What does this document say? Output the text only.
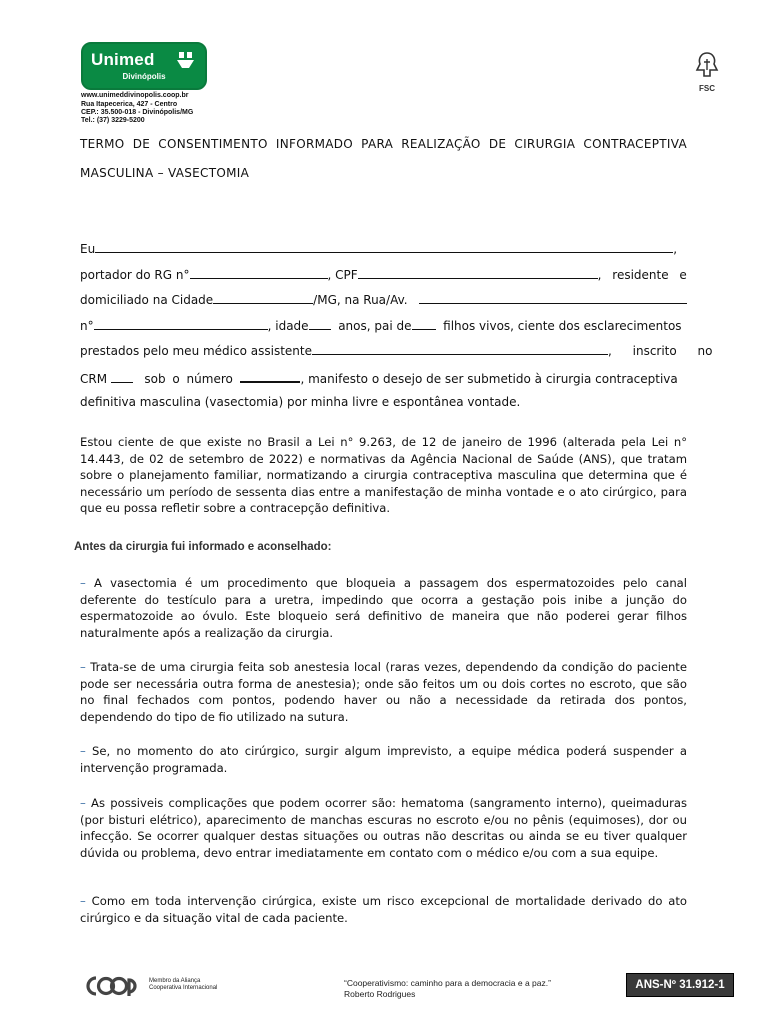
Unimed
Divinópolis
www.unimeddivinopolis.coop.br
Rua Itapecerica, 427 - Centro
CEP.: 35.500-018 - Divinópolis/MG
Tel.: (37) 3229-5200
FSC
TERMO DE CONSENTIMENTO INFORMADO PARA REALIZAÇÃO DE CIRURGIA CONTRACEPTIVA
MASCULINA – VASECTOMIA
Eu	,
portador do RG n°	, CPF	, residente e
domiciliado na Cidade	/MG, na Rua/Av.
n°	, idade anos, pai de	filhos vivos, ciente dos esclarecimentos
prestados pelo meu médico assistente	, inscrito no
CRM	sob o número	, manifesto o desejo de ser submetido à cirurgia contraceptiva
definitiva masculina (vasectomia) por minha livre e espontânea vontade.
Estou ciente de que existe no Brasil a Lei n° 9.263, de 12 de janeiro de 1996 (alterada pela Lei n° 14.443, de 02 de setembro de 2022) e normativas da Agência Nacional de Saúde (ANS), que tratam sobre o planejamento familiar, normatizando a cirurgia contraceptiva masculina que determina que é necessário um período de sessenta dias entre a manifestação de minha vontade e o ato cirúrgico, para que eu possa refletir sobre a contracepção definitiva.
Antes da cirurgia fui informado e aconselhado:
– A vasectomia é um procedimento que bloqueia a passagem dos espermatozoides pelo canal deferente do testículo para a uretra, impedindo que ocorra a gestação pois inibe a junção do espermatozoide ao óvulo. Este bloqueio será definitivo de maneira que não poderei gerar filhos naturalmente após a realização da cirurgia.
– Trata-se de uma cirurgia feita sob anestesia local (raras vezes, dependendo da condição do paciente pode ser necessária outra forma de anestesia); onde são feitos um ou dois cortes no escroto, que são no final fechados com pontos, podendo haver ou não a necessidade da retirada dos pontos, dependendo do tipo de fio utilizado na sutura.
– Se, no momento do ato cirúrgico, surgir algum imprevisto, a equipe médica poderá suspender a intervenção programada.
– As possiveis complicações que podem ocorrer são: hematoma (sangramento interno), queimaduras (por bisturi elétrico), aparecimento de manchas escuras no escroto e/ou no pênis (equimoses), dor ou infecção. Se ocorrer qualquer destas situações ou outras não descritas ou ainda se eu tiver qualquer dúvida ou problema, devo entrar imediatamente em contato com o médico e/ou com a sua equipe.
– Como em toda intervenção cirúrgica, existe um risco excepcional de mortalidade derivado do ato cirúrgico e da situação vital de cada paciente.
Membro da Aliança
Cooperativa Internacional	“Cooperativismo: caminho para a democracia e a paz.”
Roberto Rodrigues
ANS-Nº 31.912-1
